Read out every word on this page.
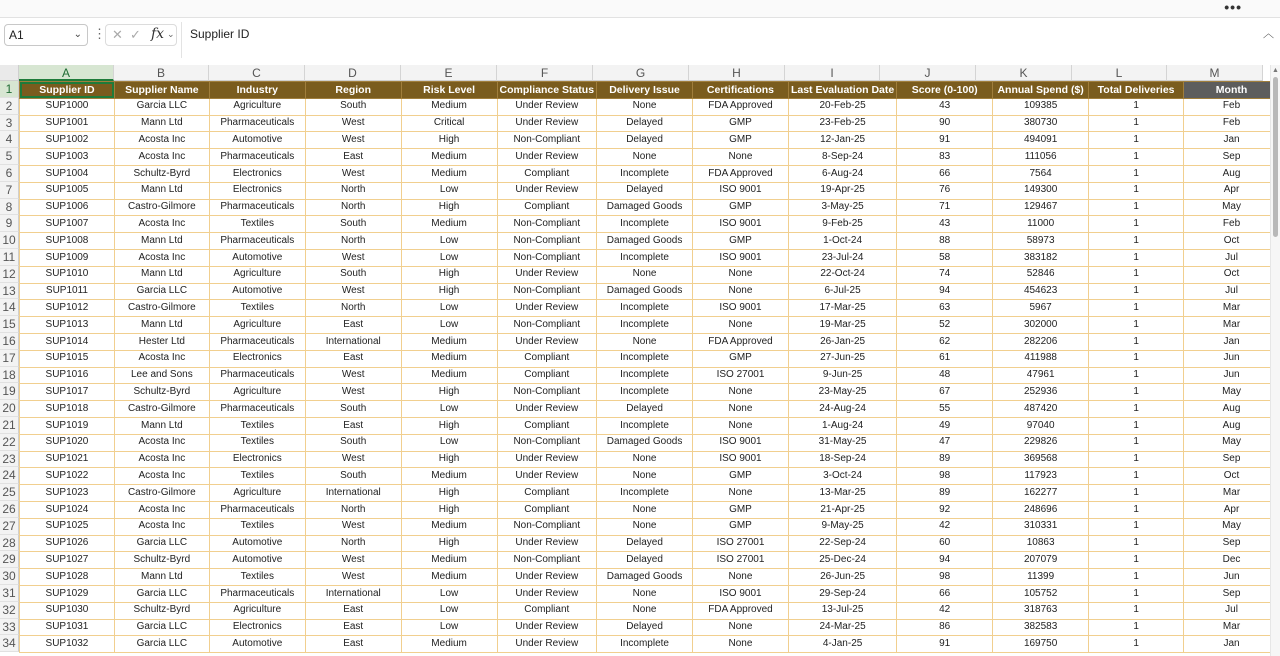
•••
A1	⌄ ⋮ ✕ ✓ fx ⌄	Supplier ID	︿
A	B	C	D	E	F	G	H	I	J	K	L	M
1
2
3
4
5
6
7
8
9
10
11
12
13
14
15
16
17
18
19
20
21
22
23
24
25
26
27
28
29
30
31
32
33
34
Supplier ID	Supplier Name	Industry	Region	Risk Level	Compliance Status	Delivery Issue	Certifications	Last Evaluation Date	Score (0-100)	Annual Spend ($)	Total Deliveries	Month
SUP1000	Garcia LLC	Agriculture	South	Medium	Under Review	None	FDA Approved	20-Feb-25	43	109385	1	Feb
SUP1001	Mann Ltd	Pharmaceuticals	West	Critical	Under Review	Delayed	GMP	23-Feb-25	90	380730	1	Feb
SUP1002	Acosta Inc	Automotive	West	High	Non-Compliant	Delayed	GMP	12-Jan-25	91	494091	1	Jan
SUP1003	Acosta Inc	Pharmaceuticals	East	Medium	Under Review	None	None	8-Sep-24	83	111056	1	Sep
SUP1004	Schultz-Byrd	Electronics	West	Medium	Compliant	Incomplete	FDA Approved	6-Aug-24	66	7564	1	Aug
SUP1005	Mann Ltd	Electronics	North	Low	Under Review	Delayed	ISO 9001	19-Apr-25	76	149300	1	Apr
SUP1006	Castro-Gilmore	Pharmaceuticals	North	High	Compliant	Damaged Goods	GMP	3-May-25	71	129467	1	May
SUP1007	Acosta Inc	Textiles	South	Medium	Non-Compliant	Incomplete	ISO 9001	9-Feb-25	43	11000	1	Feb
SUP1008	Mann Ltd	Pharmaceuticals	North	Low	Non-Compliant	Damaged Goods	GMP	1-Oct-24	88	58973	1	Oct
SUP1009	Acosta Inc	Automotive	West	Low	Non-Compliant	Incomplete	ISO 9001	23-Jul-24	58	383182	1	Jul
SUP1010	Mann Ltd	Agriculture	South	High	Under Review	None	None	22-Oct-24	74	52846	1	Oct
SUP1011	Garcia LLC	Automotive	West	High	Non-Compliant	Damaged Goods	None	6-Jul-25	94	454623	1	Jul
SUP1012	Castro-Gilmore	Textiles	North	Low	Under Review	Incomplete	ISO 9001	17-Mar-25	63	5967	1	Mar
SUP1013	Mann Ltd	Agriculture	East	Low	Non-Compliant	Incomplete	None	19-Mar-25	52	302000	1	Mar
SUP1014	Hester Ltd	Pharmaceuticals	International	Medium	Under Review	None	FDA Approved	26-Jan-25	62	282206	1	Jan
SUP1015	Acosta Inc	Electronics	East	Medium	Compliant	Incomplete	GMP	27-Jun-25	61	411988	1	Jun
SUP1016	Lee and Sons	Pharmaceuticals	West	Medium	Compliant	Incomplete	ISO 27001	9-Jun-25	48	47961	1	Jun
SUP1017	Schultz-Byrd	Agriculture	West	High	Non-Compliant	Incomplete	None	23-May-25	67	252936	1	May
SUP1018	Castro-Gilmore	Pharmaceuticals	South	Low	Under Review	Delayed	None	24-Aug-24	55	487420	1	Aug
SUP1019	Mann Ltd	Textiles	East	High	Compliant	Incomplete	None	1-Aug-24	49	97040	1	Aug
SUP1020	Acosta Inc	Textiles	South	Low	Non-Compliant	Damaged Goods	ISO 9001	31-May-25	47	229826	1	May
SUP1021	Acosta Inc	Electronics	West	High	Under Review	None	ISO 9001	18-Sep-24	89	369568	1	Sep
SUP1022	Acosta Inc	Textiles	South	Medium	Under Review	None	GMP	3-Oct-24	98	117923	1	Oct
SUP1023	Castro-Gilmore	Agriculture	International	High	Compliant	Incomplete	None	13-Mar-25	89	162277	1	Mar
SUP1024	Acosta Inc	Pharmaceuticals	North	High	Compliant	None	GMP	21-Apr-25	92	248696	1	Apr
SUP1025	Acosta Inc	Textiles	West	Medium	Non-Compliant	None	GMP	9-May-25	42	310331	1	May
SUP1026	Garcia LLC	Automotive	North	High	Under Review	Delayed	ISO 27001	22-Sep-24	60	10863	1	Sep
SUP1027	Schultz-Byrd	Automotive	West	Medium	Non-Compliant	Delayed	ISO 27001	25-Dec-24	94	207079	1	Dec
SUP1028	Mann Ltd	Textiles	West	Medium	Under Review	Damaged Goods	None	26-Jun-25	98	11399	1	Jun
SUP1029	Garcia LLC	Pharmaceuticals	International	Low	Under Review	None	ISO 9001	29-Sep-24	66	105752	1	Sep
SUP1030	Schultz-Byrd	Agriculture	East	Low	Compliant	None	FDA Approved	13-Jul-25	42	318763	1	Jul
SUP1031	Garcia LLC	Electronics	East	Low	Under Review	Delayed	None	24-Mar-25	86	382583	1	Mar
SUP1032	Garcia LLC	Automotive	East	Medium	Under Review	Incomplete	None	4-Jan-25	91	169750	1	Jan
▲
